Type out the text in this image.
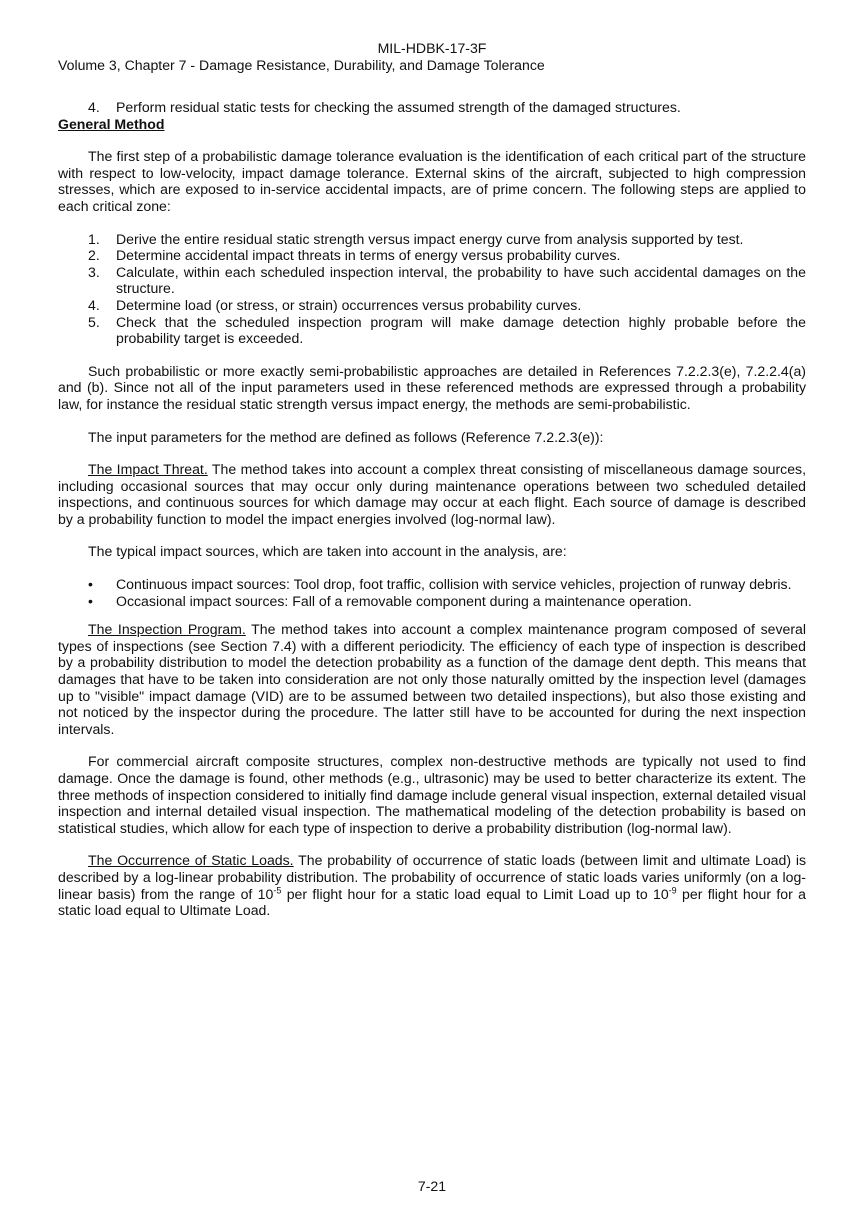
MIL-HDBK-17-3F
Volume 3, Chapter 7 - Damage Resistance, Durability, and Damage Tolerance
4. Perform residual static tests for checking the assumed strength of the damaged structures.

General Method

The first step of a probabilistic damage tolerance evaluation is the identification of each critical part of the structure with respect to low-velocity, impact damage tolerance. External skins of the aircraft, subjected to high compression stresses, which are exposed to in-service accidental impacts, are of prime concern. The following steps are applied to each critical zone:

1. Derive the entire residual static strength versus impact energy curve from analysis supported by test.
2. Determine accidental impact threats in terms of energy versus probability curves.
3. Calculate, within each scheduled inspection interval, the probability to have such accidental damages on the structure.
4. Determine load (or stress, or strain) occurrences versus probability curves.
5. Check that the scheduled inspection program will make damage detection highly probable before the probability target is exceeded.

Such probabilistic or more exactly semi-probabilistic approaches are detailed in References 7.2.2.3(e), 7.2.2.4(a) and (b). Since not all of the input parameters used in these referenced methods are expressed through a probability law, for instance the residual static strength versus impact energy, the methods are semi-probabilistic.

The input parameters for the method are defined as follows (Reference 7.2.2.3(e)):

The Impact Threat. The method takes into account a complex threat consisting of miscellaneous damage sources, including occasional sources that may occur only during maintenance operations between two scheduled detailed inspections, and continuous sources for which damage may occur at each flight. Each source of damage is described by a probability function to model the impact energies involved (log-normal law).

The typical impact sources, which are taken into account in the analysis, are:

• Continuous impact sources: Tool drop, foot traffic, collision with service vehicles, projection of runway debris.
• Occasional impact sources: Fall of a removable component during a maintenance operation.

The Inspection Program. The method takes into account a complex maintenance program composed of several types of inspections (see Section 7.4) with a different periodicity. The efficiency of each type of inspection is described by a probability distribution to model the detection probability as a function of the damage dent depth. This means that damages that have to be taken into consideration are not only those naturally omitted by the inspection level (damages up to "visible" impact damage (VID) are to be assumed between two detailed inspections), but also those existing and not noticed by the inspector during the procedure. The latter still have to be accounted for during the next inspection intervals.

For commercial aircraft composite structures, complex non-destructive methods are typically not used to find damage. Once the damage is found, other methods (e.g., ultrasonic) may be used to better characterize its extent. The three methods of inspection considered to initially find damage include general visual inspection, external detailed visual inspection and internal detailed visual inspection. The mathematical modeling of the detection probability is based on statistical studies, which allow for each type of inspection to derive a probability distribution (log-normal law).

The Occurrence of Static Loads. The probability of occurrence of static loads (between limit and ultimate Load) is described by a log-linear probability distribution. The probability of occurrence of static loads varies uniformly (on a log-linear basis) from the range of $10^{-5}$ per flight hour for a static load equal to Limit Load up to $10^{-9}$ per flight hour for a static load equal to Ultimate Load.

7-21
